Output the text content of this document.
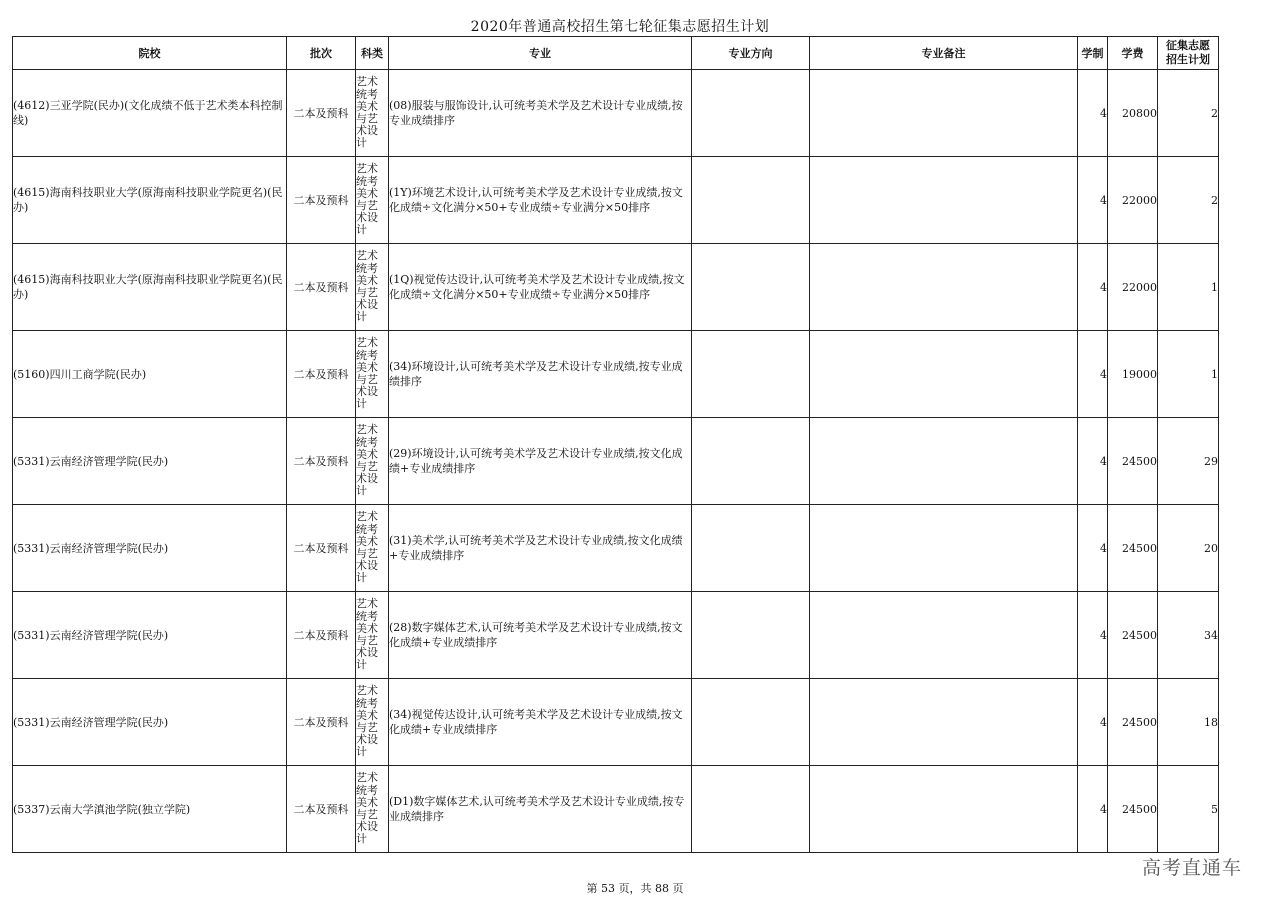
2020年普通高校招生第七轮征集志愿招生计划
院校	批次	科类	专业	专业方向	专业备注	学制	学费	征集志愿
招生计划

(4612)三亚学院(民办)(文化成绩不低于艺术类本科控制线)	二本及预科	艺术统考美术与艺术设计	(08)服装与服饰设计,认可统考美术学及艺术设计专业成绩,按专业成绩排序			4	20800	2
(4615)海南科技职业大学(原海南科技职业学院更名)(民办)	二本及预科	艺术统考美术与艺术设计	(1Y)环境艺术设计,认可统考美术学及艺术设计专业成绩,按文化成绩÷文化满分×50+专业成绩÷专业满分×50排序			4	22000	2
(4615)海南科技职业大学(原海南科技职业学院更名)(民办)	二本及预科	艺术统考美术与艺术设计	(1Q)视觉传达设计,认可统考美术学及艺术设计专业成绩,按文化成绩÷文化满分×50+专业成绩÷专业满分×50排序			4	22000	1
(5160)四川工商学院(民办)	二本及预科	艺术统考美术与艺术设计	(34)环境设计,认可统考美术学及艺术设计专业成绩,按专业成绩排序			4	19000	1
(5331)云南经济管理学院(民办)	二本及预科	艺术统考美术与艺术设计	(29)环境设计,认可统考美术学及艺术设计专业成绩,按文化成绩+专业成绩排序			4	24500	29
(5331)云南经济管理学院(民办)	二本及预科	艺术统考美术与艺术设计	(31)美术学,认可统考美术学及艺术设计专业成绩,按文化成绩+专业成绩排序			4	24500	20
(5331)云南经济管理学院(民办)	二本及预科	艺术统考美术与艺术设计	(28)数字媒体艺术,认可统考美术学及艺术设计专业成绩,按文化成绩+专业成绩排序			4	24500	34
(5331)云南经济管理学院(民办)	二本及预科	艺术统考美术与艺术设计	(34)视觉传达设计,认可统考美术学及艺术设计专业成绩,按文化成绩+专业成绩排序			4	24500	18
(5337)云南大学滇池学院(独立学院)	二本及预科	艺术统考美术与艺术设计	(D1)数字媒体艺术,认可统考美术学及艺术设计专业成绩,按专业成绩排序			4	24500	5
第 53 页，共 88 页
高考直通车
